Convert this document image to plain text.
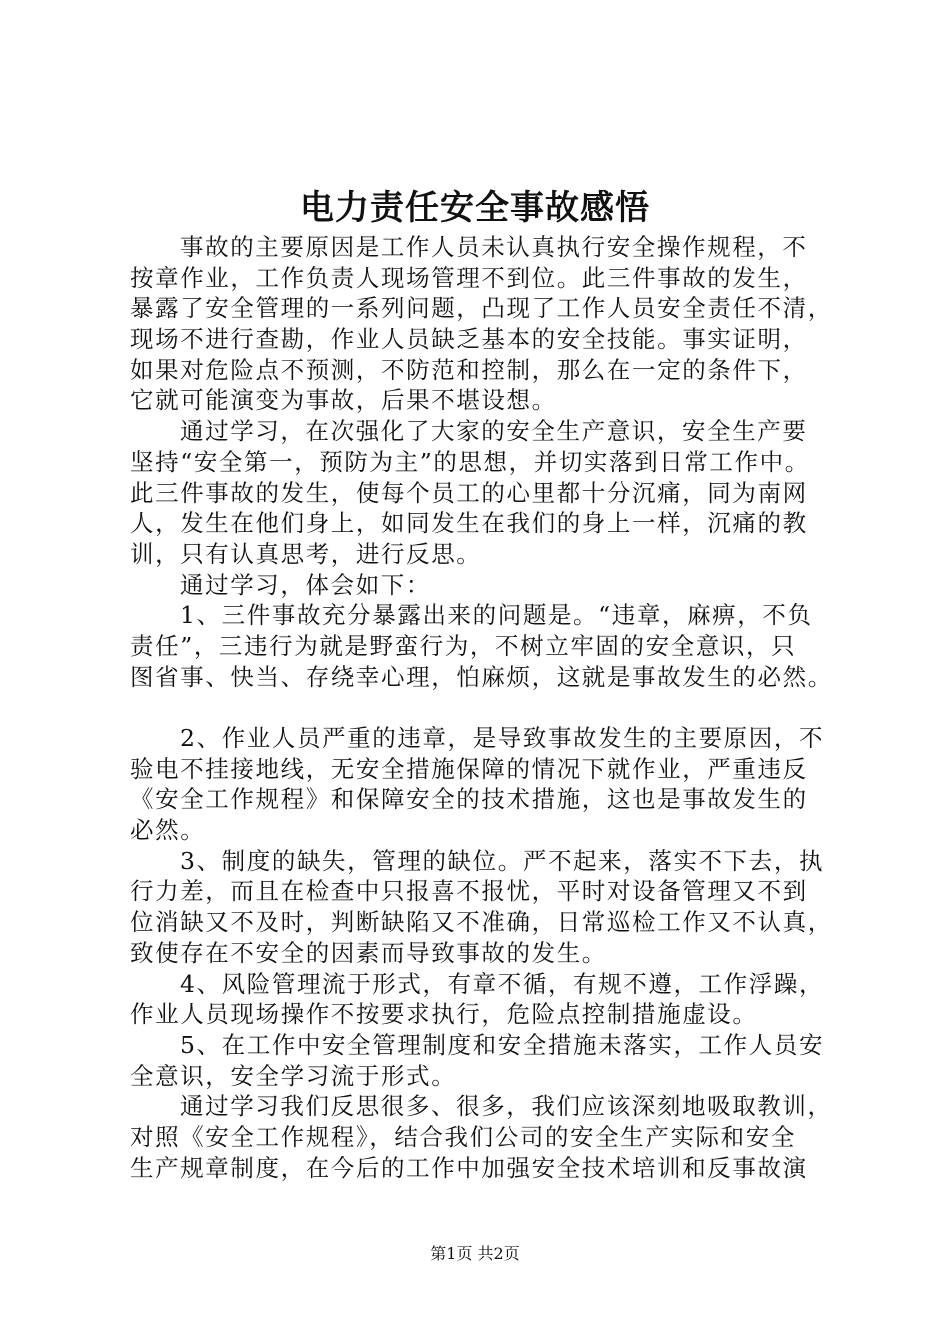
电力责任安全事故感悟
事故的主要原因是工作人员未认真执行安全操作规程，不
按章作业，工作负责人现场管理不到位。此三件事故的发生，
暴露了安全管理的一系列问题，凸现了工作人员安全责任不清，
现场不进行查勘，作业人员缺乏基本的安全技能。事实证明，
如果对危险点不预测，不防范和控制，那么在一定的条件下，
它就可能演变为事故，后果不堪设想。
通过学习，在次强化了大家的安全生产意识，安全生产要
坚持“安全第一，预防为主”的思想，并切实落到日常工作中。
此三件事故的发生，使每个员工的心里都十分沉痛，同为南网
人，发生在他们身上，如同发生在我们的身上一样，沉痛的教
训，只有认真思考，进行反思。
通过学习，体会如下：
1、三件事故充分暴露出来的问题是。“违章，麻痹，不负
责任”，三违行为就是野蛮行为，不树立牢固的安全意识，只
图省事、快当、存绕幸心理，怕麻烦，这就是事故发生的必然。
2、作业人员严重的违章，是导致事故发生的主要原因，不
验电不挂接地线，无安全措施保障的情况下就作业，严重违反
《安全工作规程》和保障安全的技术措施，这也是事故发生的
必然。
3、制度的缺失，管理的缺位。严不起来，落实不下去，执
行力差，而且在检查中只报喜不报忧，平时对设备管理又不到
位消缺又不及时，判断缺陷又不准确，日常巡检工作又不认真，
致使存在不安全的因素而导致事故的发生。
4、风险管理流于形式，有章不循，有规不遵，工作浮躁，
作业人员现场操作不按要求执行，危险点控制措施虚设。
5、在工作中安全管理制度和安全措施未落实，工作人员安
全意识，安全学习流于形式。
通过学习我们反思很多、很多，我们应该深刻地吸取教训，
对照《安全工作规程》，结合我们公司的安全生产实际和安全
生产规章制度，在今后的工作中加强安全技术培训和反事故演
第1页 共2页
